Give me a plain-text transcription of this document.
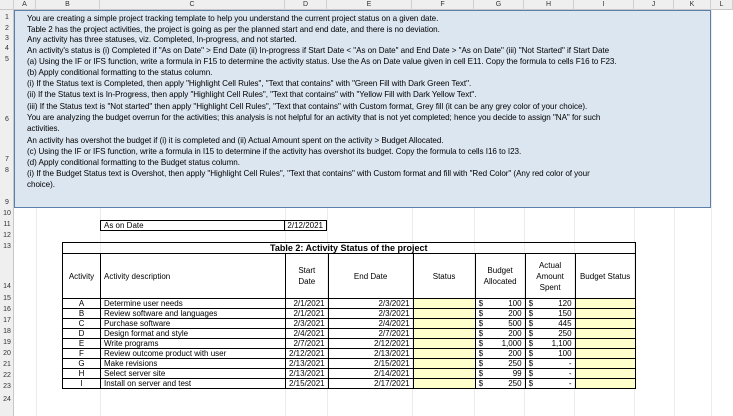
A	B	C	D	E	F	G	H	I	J	K	L
1
2
3
4
5
6
7
8
9
10
11
12
13
14
15
16
17
18
19
20
21
22
23
24
You are creating a simple project tracking template to help you understand the current project status on a given date.
Table 2 has the project activities, the project is going as per the planned start and end date, and there is no deviation.
Any activity has three statuses, viz. Completed, In-progress, and not started.
An activity's status is (i) Completed if "As on Date" > End Date (ii) In-progress if Start Date < "As on Date" and End Date > "As on Date" (iii) "Not Started" if Start Date
(a) Using the IF or IFS function, write a formula in F15 to determine the activity status. Use the As on Date value given in cell E11. Copy the formula to cells F16 to F23.
(b) Apply conditional formatting to the status column.
(i) If the Status text is Completed, then apply "Highlight Cell Rules", "Text that contains" with "Green Fill with Dark Green Text".
(ii) If the Status text is In-Progress, then apply "Highlight Cell Rules", "Text that contains" with "Yellow Fill with Dark Yellow Text".
(iii) If the Status text is "Not started" then apply "Highlight Cell Rules", "Text that contains" with Custom format, Grey fill (it can be any grey color of your choice).
You are analyzing the budget overrun for the activities; this analysis is not helpful for an activity that is not yet completed; hence you decide to assign "NA" for such
activities.
An activity has overshot the budget if (i) it is completed and (ii) Actual Amount spent on the activity > Budget Allocated.
(c) Using the IF or IFS function, write a formula in I15 to determine if the activity has overshot its budget. Copy the formula to cells I16 to I23.
(d) Apply conditional formatting to the Budget status column.
(i) If the Budget Status text is Overshot, then apply "Highlight Cell Rules", "Text that contains" with Custom format and fill with "Red Color" (Any red color of your
choice).
As on Date	2/12/2021
Table 2: Activity Status of the project							
Activity	Activity description	Start Date	End Date	Status	Budget Allocated	Actual Amount Spent	Budget Status
A	Determine user needs	2/1/2021	2/3/2021		$ 100	$ 120	

B	Review software and languages	2/1/2021	2/3/2021		$ 200	$ 150	

C	Purchase software	2/3/2021	2/4/2021		$ 500	$ 445	

D	Design format and style	2/4/2021	2/7/2021		$ 200	$ 250	

E	Write programs	2/7/2021	2/12/2021		$ 1,000	$ 1,100	

F	Review outcome product with user	2/12/2021	2/13/2021		$ 200	$ 100	

G	Make revisions	2/13/2021	2/15/2021		$ 250	$ -	

H	Select server site	2/13/2021	2/14/2021		$ 99	$ -	

I	Install on server and test	2/15/2021	2/17/2021		$ 250	$ -	
